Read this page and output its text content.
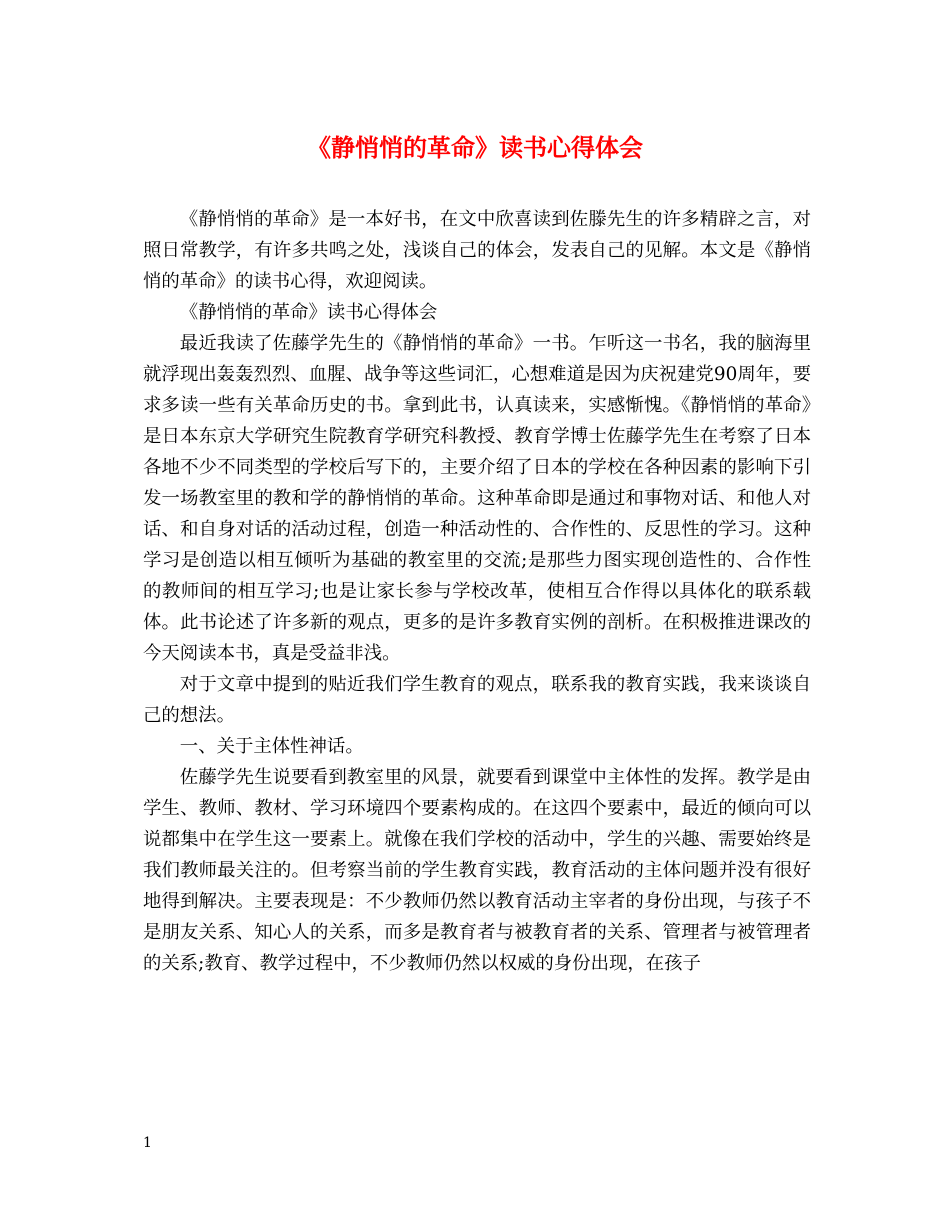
《静悄悄的革命》读书心得体会

《静悄悄的革命》是一本好书，在文中欣喜读到佐滕先生的许多精辟之言，对照日常教学，有许多共鸣之处，浅谈自己的体会，发表自己的见解。本文是《静悄悄的革命》的读书心得，欢迎阅读。

《静悄悄的革命》读书心得体会

最近我读了佐藤学先生的《静悄悄的革命》一书。乍听这一书名，我的脑海里就浮现出轰轰烈烈、血腥、战争等这些词汇，心想难道是因为庆祝建党90周年，要求多读一些有关革命历史的书。拿到此书，认真读来，实感惭愧。《静悄悄的革命》是日本东京大学研究生院教育学研究科教授、教育学博士佐藤学先生在考察了日本各地不少不同类型的学校后写下的，主要介绍了日本的学校在各种因素的影响下引发一场教室里的教和学的静悄悄的革命。这种革命即是通过和事物对话、和他人对话、和自身对话的活动过程，创造一种活动性的、合作性的、反思性的学习。这种学习是创造以相互倾听为基础的教室里的交流;是那些力图实现创造性的、合作性的教师间的相互学习;也是让家长参与学校改革，使相互合作得以具体化的联系载体。此书论述了许多新的观点，更多的是许多教育实例的剖析。在积极推进课改的今天阅读本书，真是受益非浅。

对于文章中提到的贴近我们学生教育的观点，联系我的教育实践，我来谈谈自己的想法。

一、关于主体性神话。

佐藤学先生说要看到教室里的风景，就要看到课堂中主体性的发挥。教学是由学生、教师、教材、学习环境四个要素构成的。在这四个要素中，最近的倾向可以说都集中在学生这一要素上。就像在我们学校的活动中，学生的兴趣、需要始终是我们教师最关注的。但考察当前的学生教育实践，教育活动的主体问题并没有很好地得到解决。主要表现是：不少教师仍然以教育活动主宰者的身份出现，与孩子不是朋友关系、知心人的关系，而多是教育者与被教育者的关系、管理者与被管理者的关系;教育、教学过程中，不少教师仍然以权威的身份出现，在孩子

1
